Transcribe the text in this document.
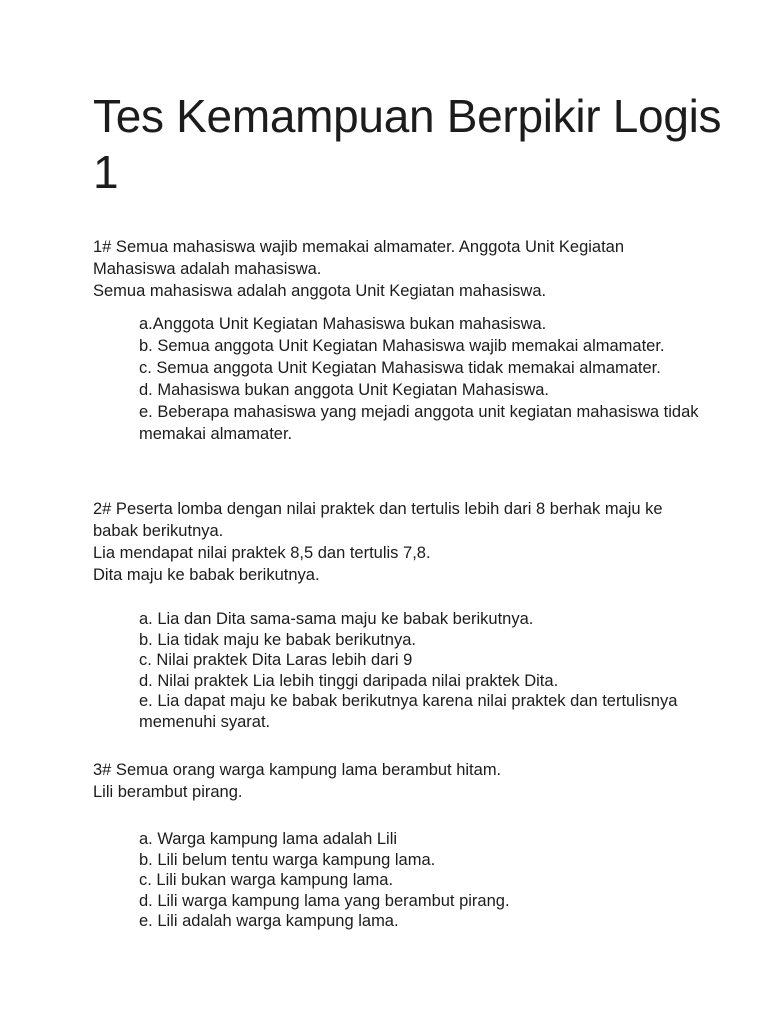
Tes Kemampuan Berpikir Logis 1

1# Semua mahasiswa wajib memakai almamater. Anggota Unit Kegiatan Mahasiswa adalah mahasiswa.

Semua mahasiswa adalah anggota Unit Kegiatan mahasiswa.

a.Anggota Unit Kegiatan Mahasiswa bukan mahasiswa.
b. Semua anggota Unit Kegiatan Mahasiswa wajib memakai almamater.
c. Semua anggota Unit Kegiatan Mahasiswa tidak memakai almamater.
d. Mahasiswa bukan anggota Unit Kegiatan Mahasiswa.
e. Beberapa mahasiswa yang mejadi anggota unit kegiatan mahasiswa tidak memakai almamater.

2# Peserta lomba dengan nilai praktek dan tertulis lebih dari 8 berhak maju ke babak berikutnya.

Lia mendapat nilai praktek 8,5 dan tertulis 7,8.

Dita maju ke babak berikutnya.

a. Lia dan Dita sama-sama maju ke babak berikutnya.
b. Lia tidak maju ke babak berikutnya.
c. Nilai praktek Dita Laras lebih dari 9
d. Nilai praktek Lia lebih tinggi daripada nilai praktek Dita.
e. Lia dapat maju ke babak berikutnya karena nilai praktek dan tertulisnya memenuhi syarat.

3# Semua orang warga kampung lama berambut hitam.

Lili berambut pirang.

a. Warga kampung lama adalah Lili
b. Lili belum tentu warga kampung lama.
c. Lili bukan warga kampung lama.
d. Lili warga kampung lama yang berambut pirang.
e. Lili adalah warga kampung lama.
